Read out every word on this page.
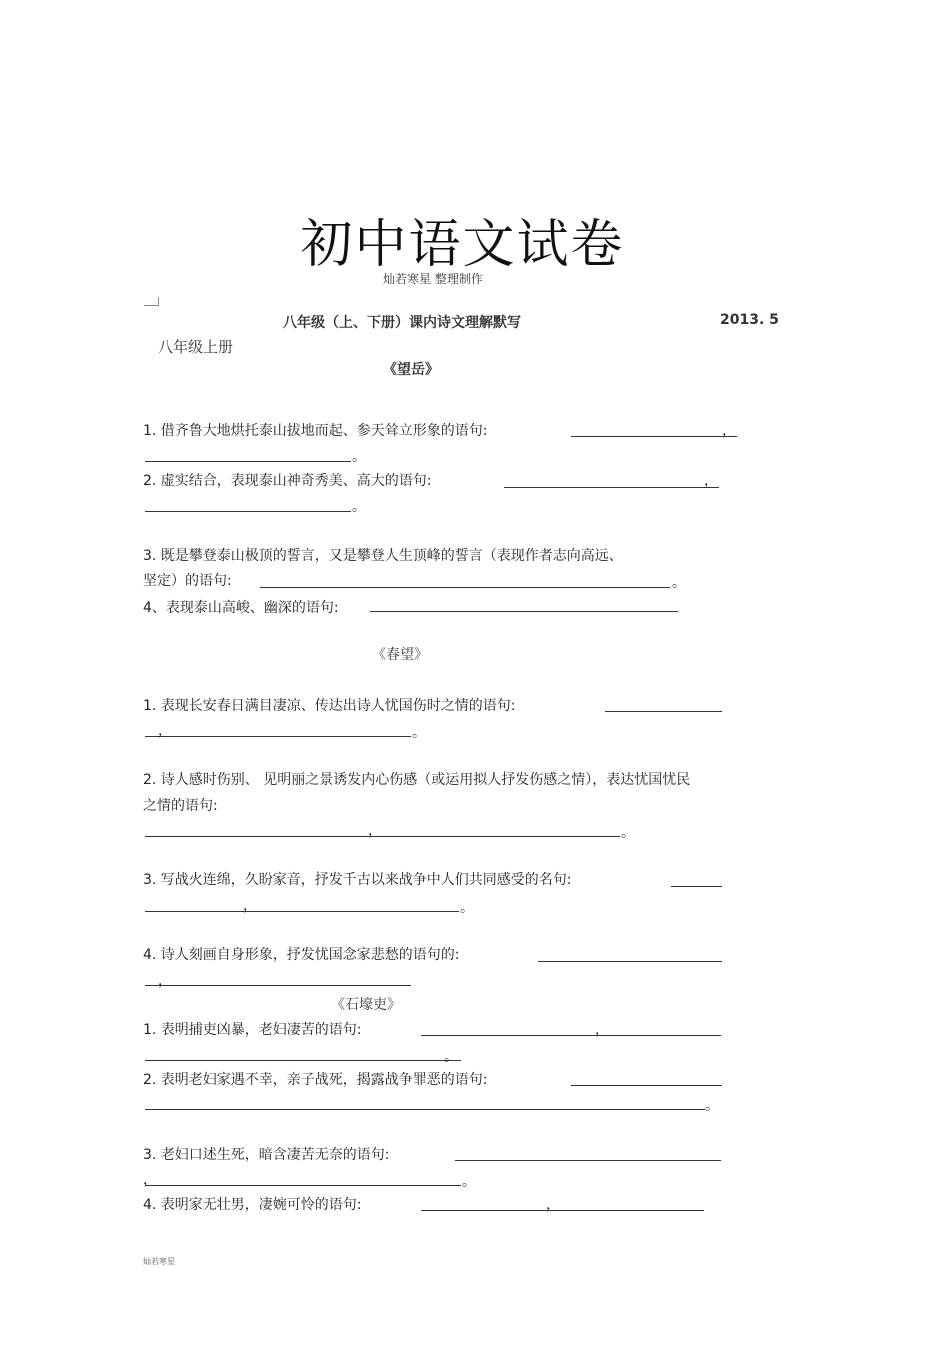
初中语文试卷
灿若寒星 整理制作
八年级（上、下册）课内诗文理解默写	2013. 5
八年级上册
《望岳》
1. 借齐鲁大地烘托泰山拔地而起、参天耸立形象的语句:	，
。
2. 虚实结合，表现泰山神奇秀美、高大的语句:	，
。
3. 既是攀登泰山极顶的誓言，又是攀登人生顶峰的誓言（表现作者志向高远、
坚定）的语句:	。
4、表现泰山高峻、幽深的语句:
《春望》
1. 表现长安春日满目凄凉、传达出诗人忧国伤时之情的语句:
，	。
2. 诗人感时伤别、 见明丽之景诱发内心伤感（或运用拟人抒发伤感之情），表达忧国忧民
之情的语句:
，	。
3. 写战火连绵，久盼家音，抒发千古以来战争中人们共同感受的名句:
，	。
4. 诗人刻画自身形象，抒发忧国念家悲愁的语句的:
，
《石壕吏》
1. 表明捕吏凶暴，老妇凄苦的语句:	，
。
2. 表明老妇家遇不幸，亲子战死，揭露战争罪恶的语句:
。
3. 老妇口述生死，暗含凄苦无奈的语句:
，	。
4. 表明家无壮男，凄婉可怜的语句:	，
灿若寒星
